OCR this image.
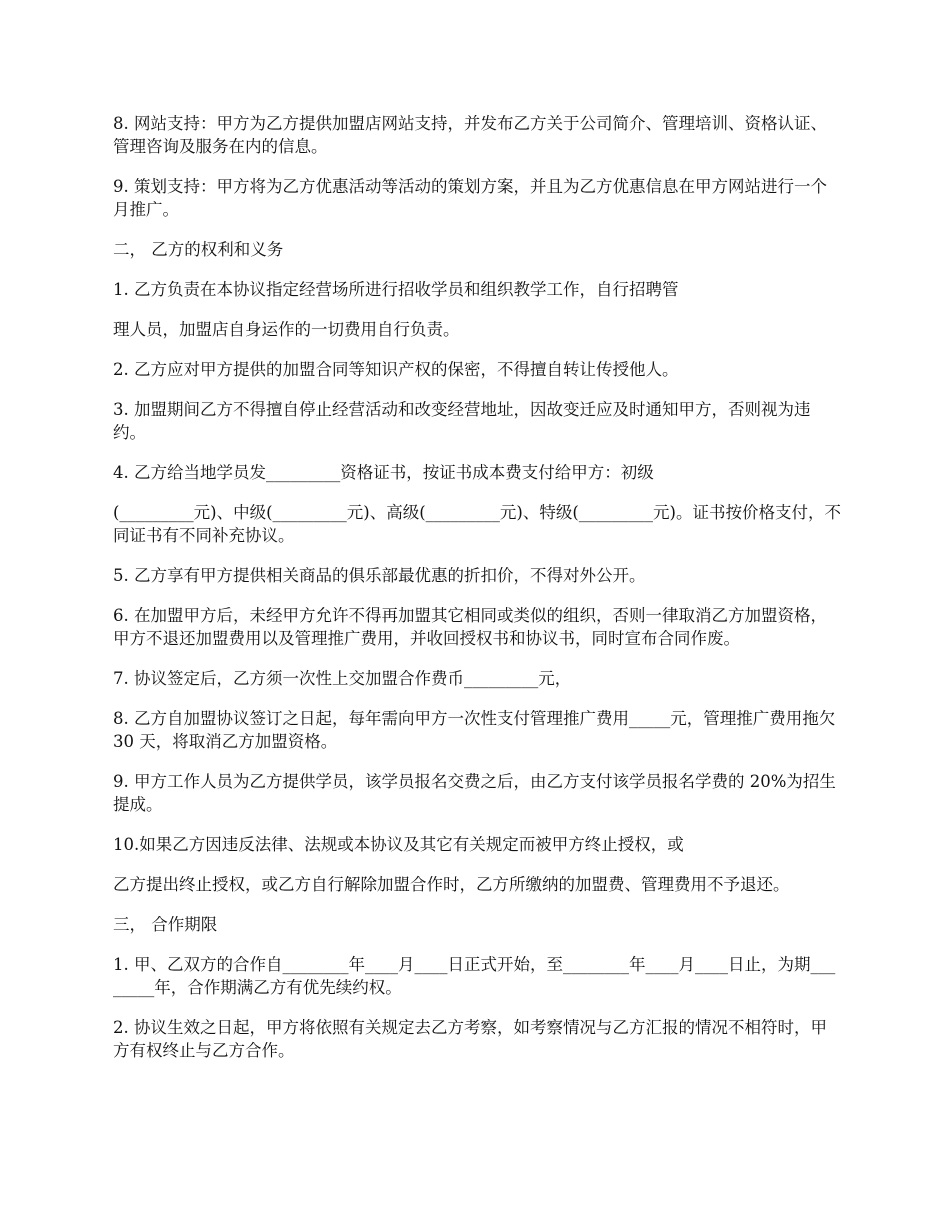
8. 网站支持：甲方为乙方提供加盟店网站支持，并发布乙方关于公司简介、管理培训、资格认证、管理咨询及服务在内的信息。

9. 策划支持：甲方将为乙方优惠活动等活动的策划方案，并且为乙方优惠信息在甲方网站进行一个月推广。

二， 乙方的权利和义务

1. 乙方负责在本协议指定经营场所进行招收学员和组织教学工作，自行招聘管

理人员，加盟店自身运作的一切费用自行负责。

2. 乙方应对甲方提供的加盟合同等知识产权的保密，不得擅自转让传授他人。

3. 加盟期间乙方不得擅自停止经营活动和改变经营地址，因故变迁应及时通知甲方，否则视为违约。

4. 乙方给当地学员发_________资格证书，按证书成本费支付给甲方：初级

(_________元)、中级(_________元)、高级(_________元)、特级(_________元)。证书按价格支付，不同证书有不同补充协议。

5. 乙方享有甲方提供相关商品的俱乐部最优惠的折扣价，不得对外公开。

6. 在加盟甲方后，未经甲方允许不得再加盟其它相同或类似的组织，否则一律取消乙方加盟资格，甲方不退还加盟费用以及管理推广费用，并收回授权书和协议书，同时宣布合同作废。

7. 协议签定后，乙方须一次性上交加盟合作费币_________元，

8. 乙方自加盟协议签订之日起，每年需向甲方一次性支付管理推广费用_____元，管理推广费用拖欠 30 天，将取消乙方加盟资格。

9. 甲方工作人员为乙方提供学员，该学员报名交费之后，由乙方支付该学员报名学费的 20%为招生提成。

10.如果乙方因违反法律、法规或本协议及其它有关规定而被甲方终止授权，或

乙方提出终止授权，或乙方自行解除加盟合作时，乙方所缴纳的加盟费、管理费用不予退还。

三， 合作期限

1. 甲、乙双方的合作自________年____月____日正式开始，至________年____月____日止，为期________年，合作期满乙方有优先续约权。

2. 协议生效之日起，甲方将依照有关规定去乙方考察，如考察情况与乙方汇报的情况不相符时，甲方有权终止与乙方合作。
